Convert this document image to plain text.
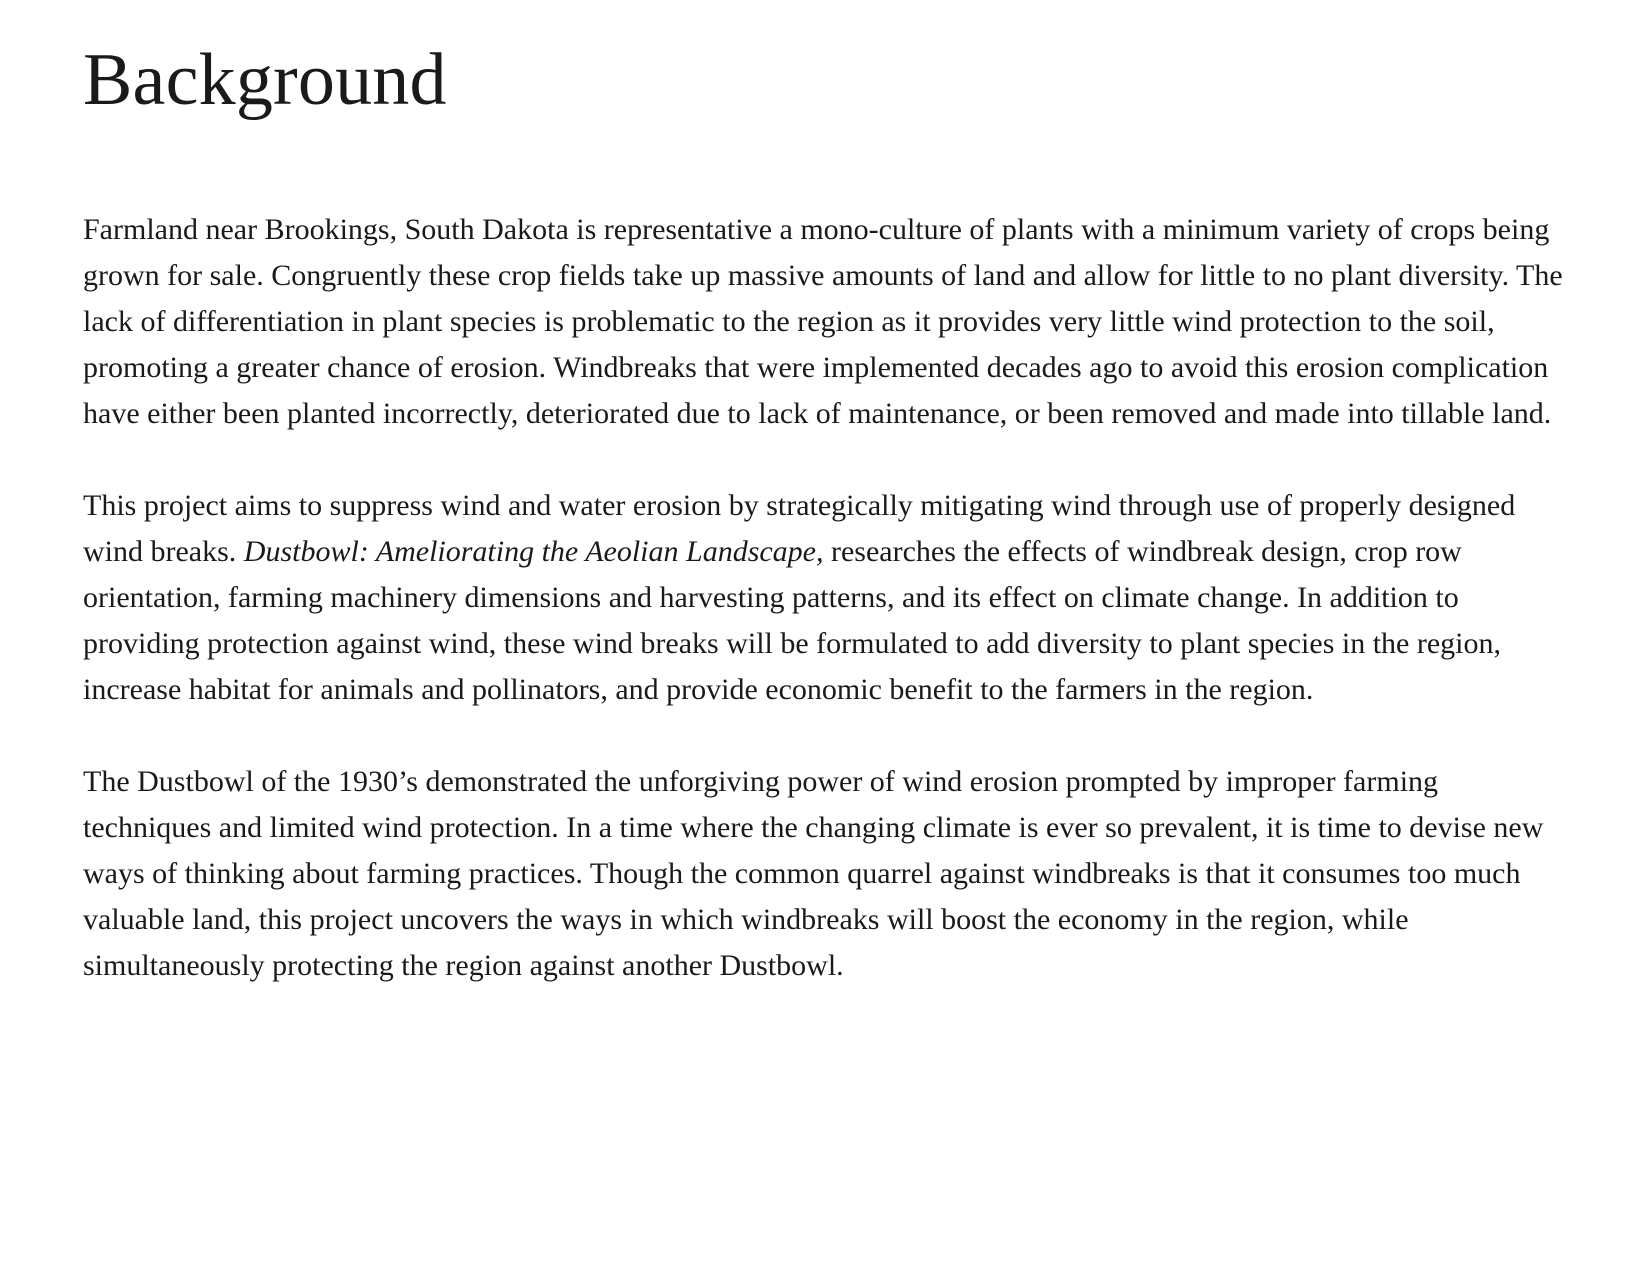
Background

Farmland near Brookings, South Dakota is representative a mono-culture of plants with a minimum variety of crops being grown for sale. Congruently these crop fields take up massive amounts of land and allow for little to no plant diversity. The lack of differentiation in plant species is problematic to the region as it provides very little wind protection to the soil, promoting a greater chance of erosion. Windbreaks that were implemented decades ago to avoid this erosion complication have either been planted incorrectly, deteriorated due to lack of maintenance, or been removed and made into tillable land.

This project aims to suppress wind and water erosion by strategically mitigating wind through use of properly designed wind breaks. Dustbowl: Ameliorating the Aeolian Landscape, researches the effects of windbreak design, crop row orientation, farming machinery dimensions and harvesting patterns, and its effect on climate change. In addition to providing protection against wind, these wind breaks will be formulated to add diversity to plant species in the region, increase habitat for animals and pollinators, and provide economic benefit to the farmers in the region.

The Dustbowl of the 1930’s demonstrated the unforgiving power of wind erosion prompted by improper farming techniques and limited wind protection. In a time where the changing climate is ever so prevalent, it is time to devise new ways of thinking about farming practices. Though the common quarrel against windbreaks is that it consumes too much valuable land, this project uncovers the ways in which windbreaks will boost the economy in the region, while simultaneously protecting the region against another Dustbowl.
